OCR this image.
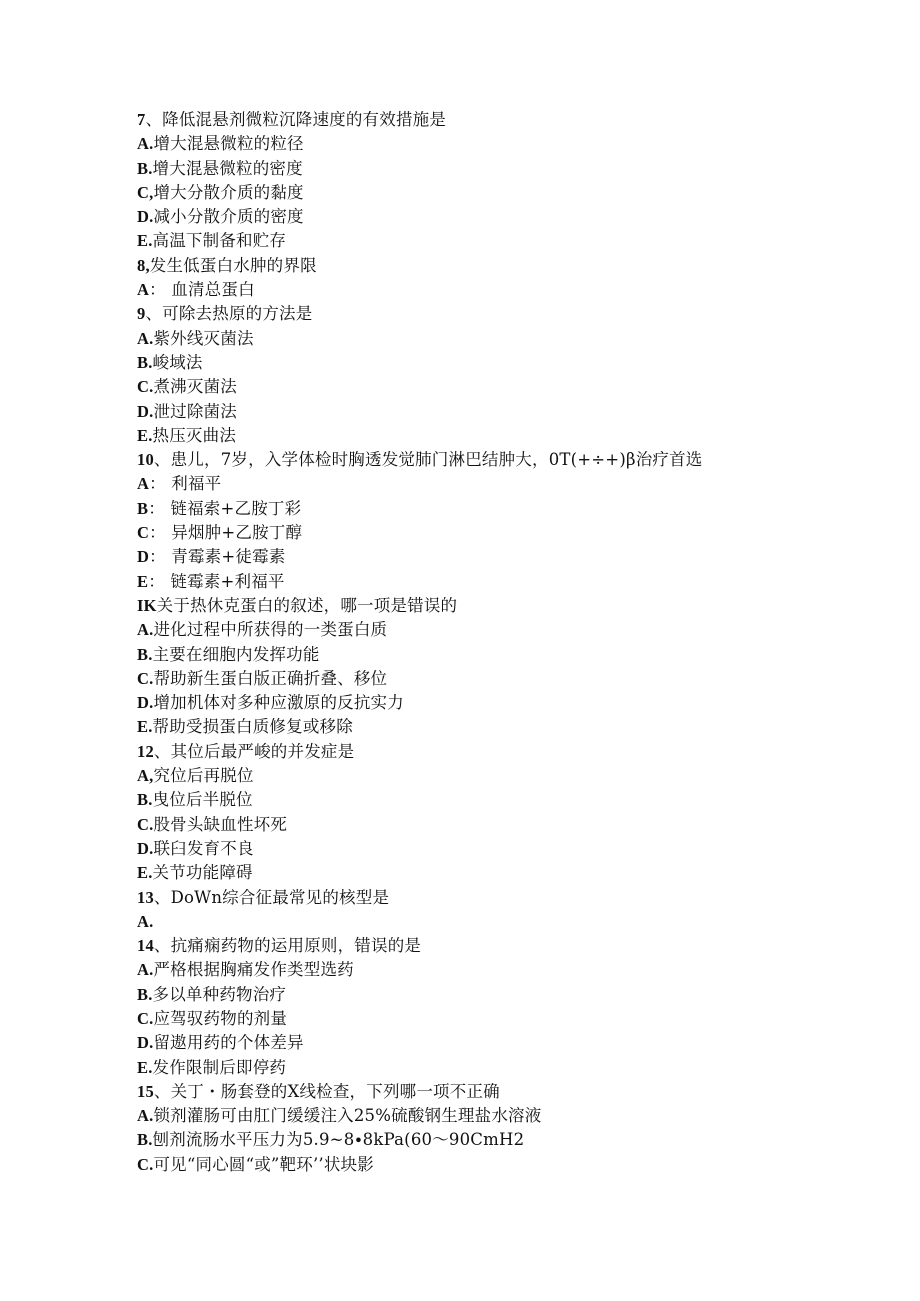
7、降低混悬剂微粒沉降速度的有效措施是
A.增大混悬微粒的粒径
B.增大混悬微粒的密度
C,增大分散介质的黏度
D.减小分散介质的密度
E.高温下制备和贮存
8,发生低蛋白水肿的界限
A： 血清总蛋白
9、可除去热原的方法是
A.紫外线灭菌法
B.峻域法
C.煮沸灭菌法
D.泄过除菌法
E.热压灭曲法
10、患儿，7岁，入学体检时胸透发觉肺门淋巴结肿大，0T(+÷+)β治疗首选
A： 利福平
B： 链福索+乙胺丁彩
C： 异烟肿+乙胺丁醇
D： 青霉素+徒霉素
E： 链霉素+利福平
IK关于热休克蛋白的叙述，哪一项是错误的
A.进化过程中所获得的一类蛋白质
B.主要在细胞内发挥功能
C.帮助新生蛋白版正确折叠、移位
D.增加机体对多种应激原的反抗实力
E.帮助受损蛋白质修复或移除
12、其位后最严峻的并发症是
A,究位后再脱位
B.曳位后半脱位
C.股骨头缺血性坏死
D.联臼发育不良
E.关节功能障碍
13、DoWn综合征最常见的核型是
A.
14、抗痛痫药物的运用原则，错误的是
A.严格根据胸痛发作类型选药
B.多以单种药物治疗
C.应驾驭药物的剂量
D.留遨用药的个体差异
E.发作限制后即停药
15、关丁・肠套登的X线检查，下列哪一项不正确
A.锁剂灌肠可由肛门缓缓注入25%硫酸钢生理盐水溶液
B.刨剂流肠水平压力为5.9~8∙8kPa(60〜90CmH2
C.可见“同心圆“或”靶环’’状块影
